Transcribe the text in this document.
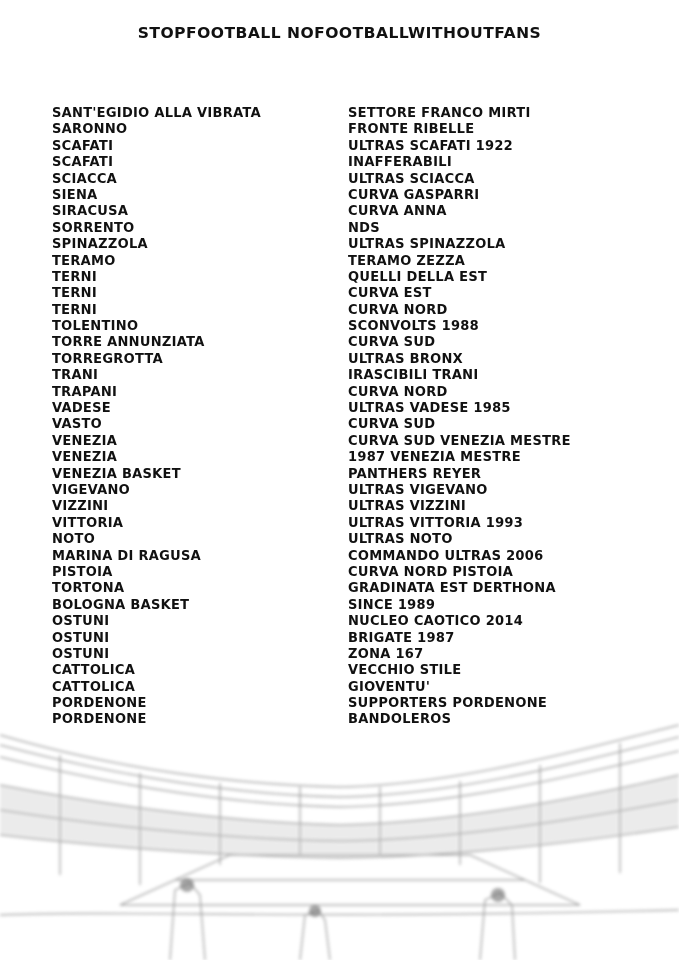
STOPFOOTBALL NOFOOTBALLWITHOUTFANS
SANT'EGIDIO ALLA VIBRATA	SETTORE FRANCO MIRTI
SARONNO	FRONTE RIBELLE
SCAFATI	ULTRAS SCAFATI 1922
SCAFATI	INAFFERABILI
SCIACCA	ULTRAS SCIACCA
SIENA	CURVA GASPARRI
SIRACUSA	CURVA ANNA
SORRENTO	NDS
SPINAZZOLA	ULTRAS SPINAZZOLA
TERAMO	TERAMO ZEZZA
TERNI	QUELLI DELLA EST
TERNI	CURVA EST
TERNI	CURVA NORD
TOLENTINO	SCONVOLTS 1988
TORRE ANNUNZIATA	CURVA SUD
TORREGROTTA	ULTRAS BRONX
TRANI	IRASCIBILI TRANI
TRAPANI	CURVA NORD
VADESE	ULTRAS VADESE 1985
VASTO	CURVA SUD
VENEZIA	CURVA SUD VENEZIA MESTRE
VENEZIA	1987 VENEZIA MESTRE
VENEZIA BASKET	PANTHERS REYER
VIGEVANO	ULTRAS VIGEVANO
VIZZINI	ULTRAS VIZZINI
VITTORIA	ULTRAS VITTORIA 1993
NOTO	ULTRAS NOTO
MARINA DI RAGUSA	COMMANDO ULTRAS 2006
PISTOIA	CURVA NORD PISTOIA
TORTONA	GRADINATA EST DERTHONA
BOLOGNA BASKET	SINCE 1989
OSTUNI	NUCLEO CAOTICO 2014
OSTUNI	BRIGATE 1987
OSTUNI	ZONA 167
CATTOLICA	VECCHIO STILE
CATTOLICA	GIOVENTU'
PORDENONE	SUPPORTERS PORDENONE
PORDENONE	BANDOLEROS
